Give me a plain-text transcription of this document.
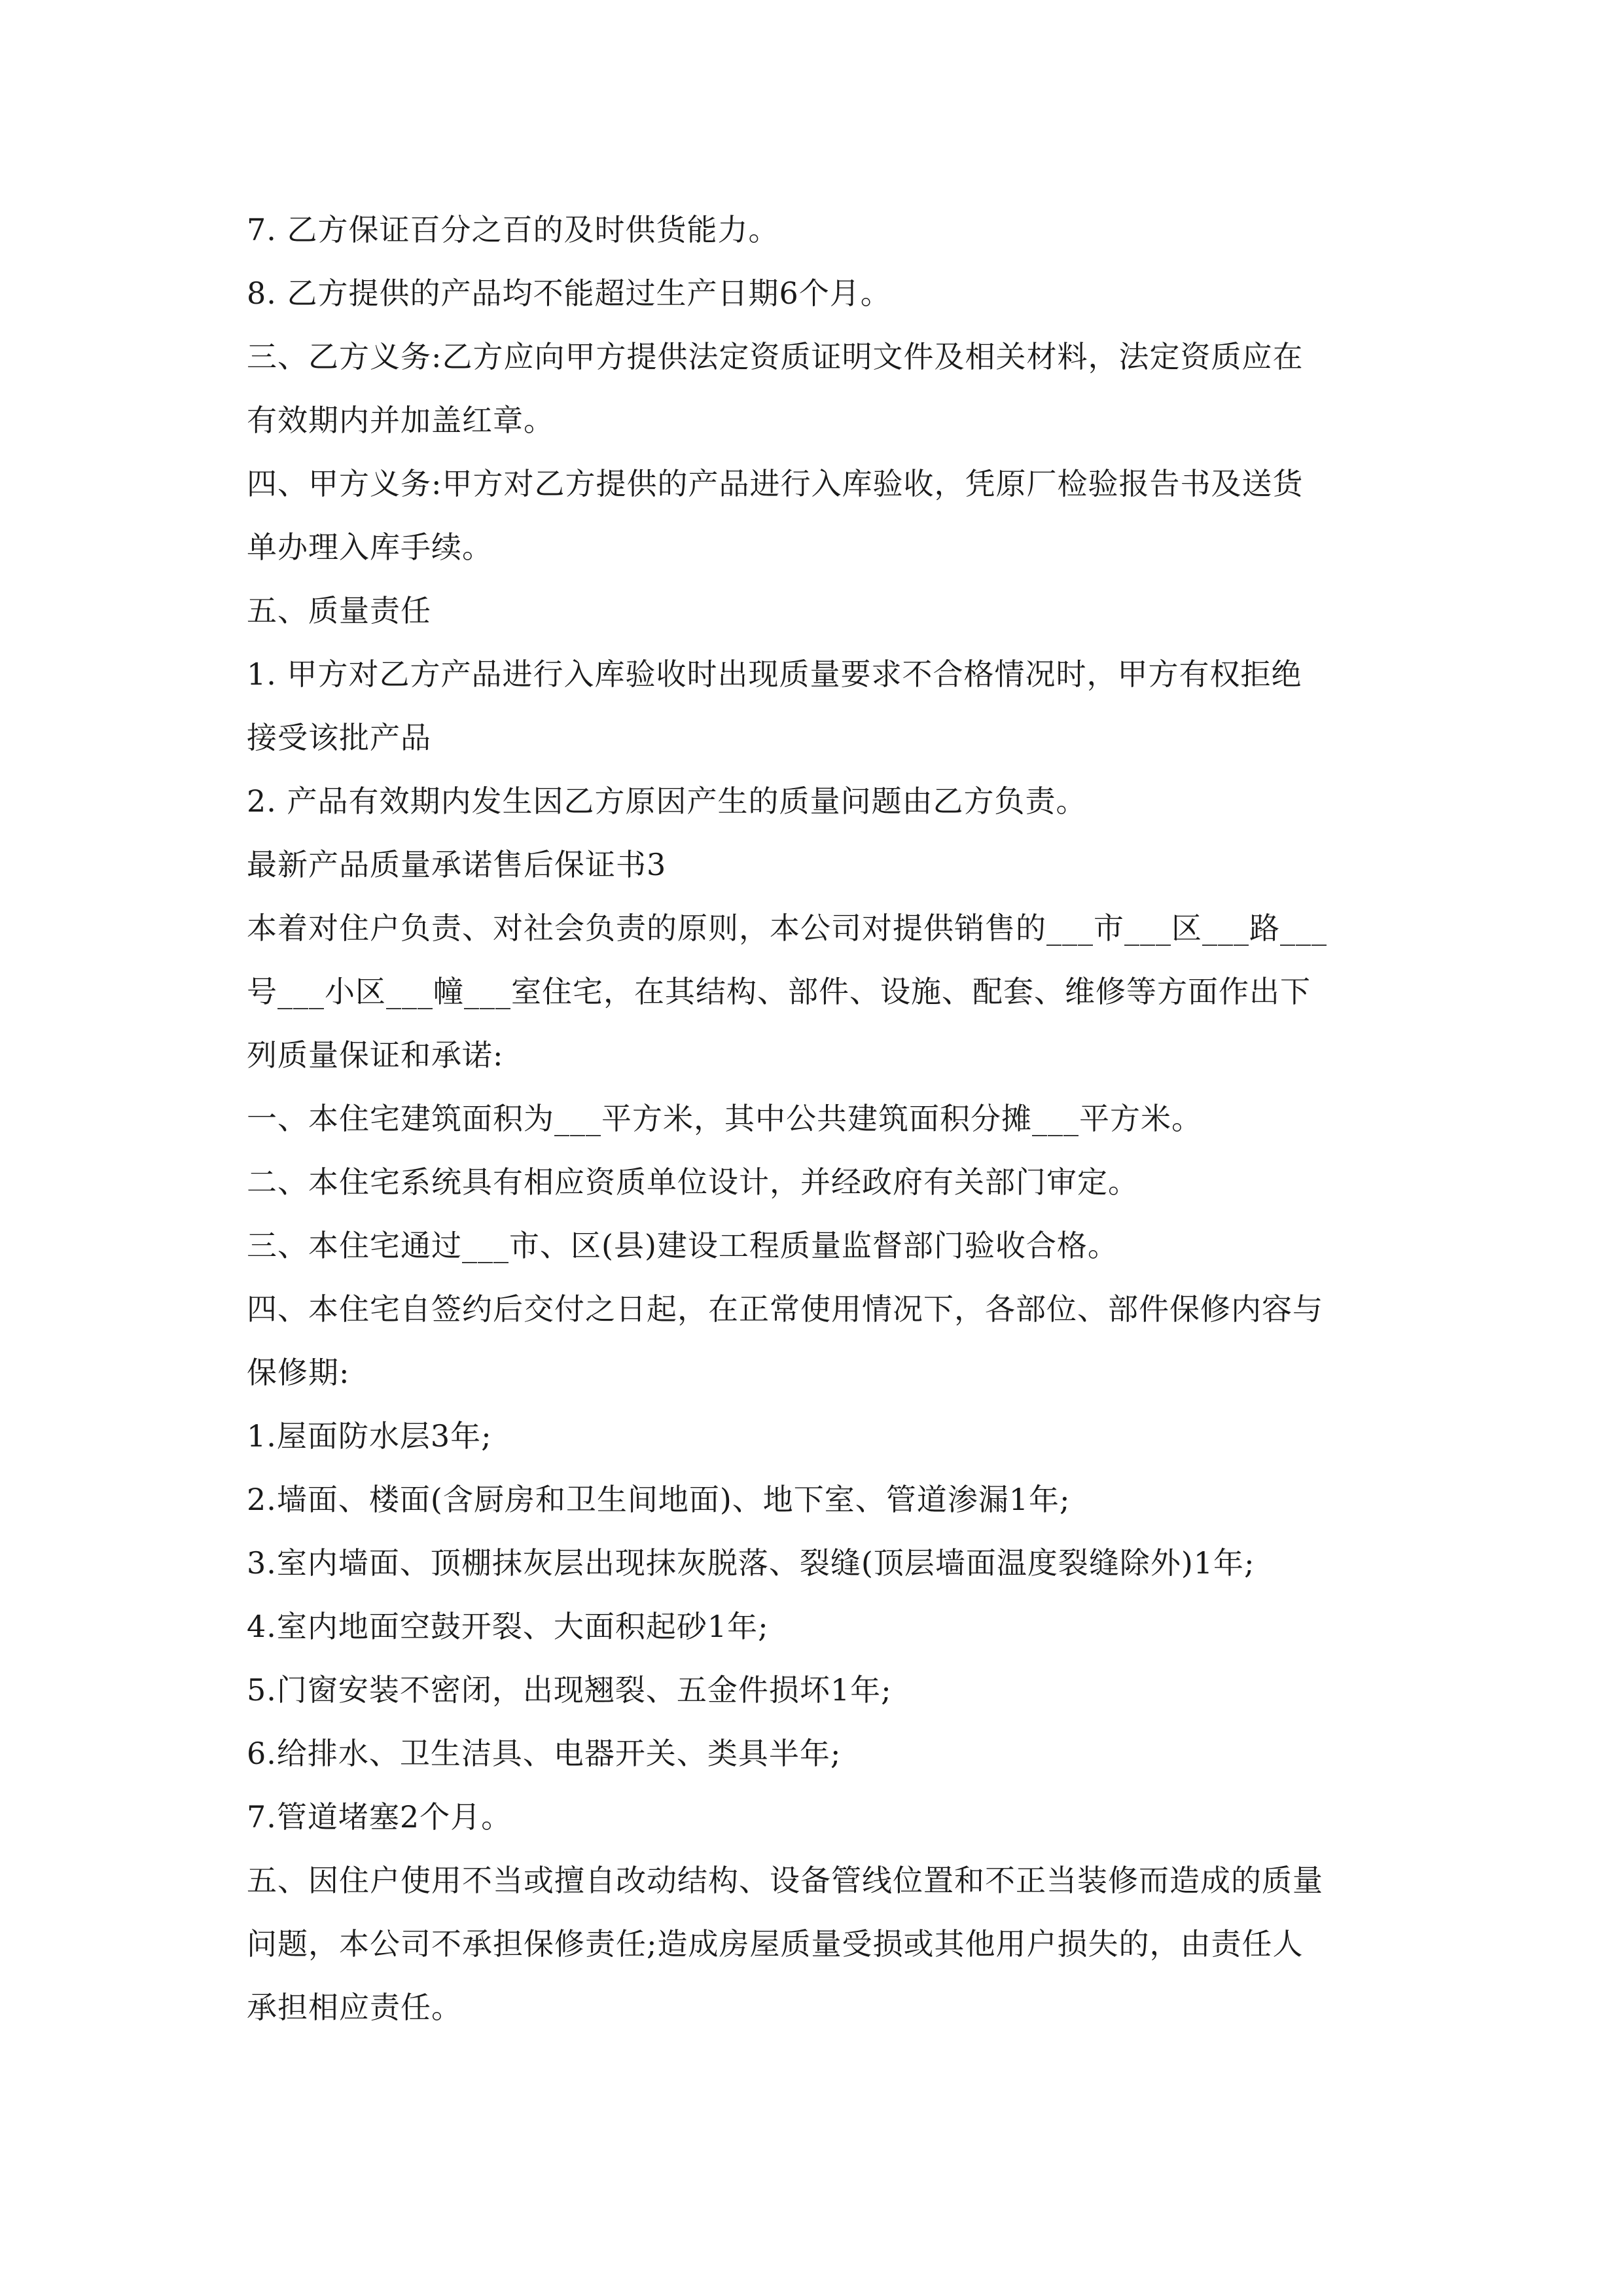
7. 乙方保证百分之百的及时供货能力。
8. 乙方提供的产品均不能超过生产日期6个月。
三、乙方义务:乙方应向甲方提供法定资质证明文件及相关材料，法定资质应在
有效期内并加盖红章。
四、甲方义务:甲方对乙方提供的产品进行入库验收，凭原厂检验报告书及送货
单办理入库手续。
五、质量责任
1. 甲方对乙方产品进行入库验收时出现质量要求不合格情况时，甲方有权拒绝
接受该批产品
2. 产品有效期内发生因乙方原因产生的质量问题由乙方负责。
最新产品质量承诺售后保证书3
本着对住户负责、对社会负责的原则，本公司对提供销售的___市___区___路___
号___小区___幢___室住宅，在其结构、部件、设施、配套、维修等方面作出下
列质量保证和承诺:
一、本住宅建筑面积为___平方米，其中公共建筑面积分摊___平方米。
二、本住宅系统具有相应资质单位设计，并经政府有关部门审定。
三、本住宅通过___市、区(县)建设工程质量监督部门验收合格。
四、本住宅自签约后交付之日起，在正常使用情况下，各部位、部件保修内容与
保修期:
1.屋面防水层3年;
2.墙面、楼面(含厨房和卫生间地面)、地下室、管道渗漏1年;
3.室内墙面、顶棚抹灰层出现抹灰脱落、裂缝(顶层墙面温度裂缝除外)1年;
4.室内地面空鼓开裂、大面积起砂1年;
5.门窗安装不密闭，出现翘裂、五金件损坏1年;
6.给排水、卫生洁具、电器开关、类具半年;
7.管道堵塞2个月。
五、因住户使用不当或擅自改动结构、设备管线位置和不正当装修而造成的质量
问题，本公司不承担保修责任;造成房屋质量受损或其他用户损失的，由责任人
承担相应责任。
